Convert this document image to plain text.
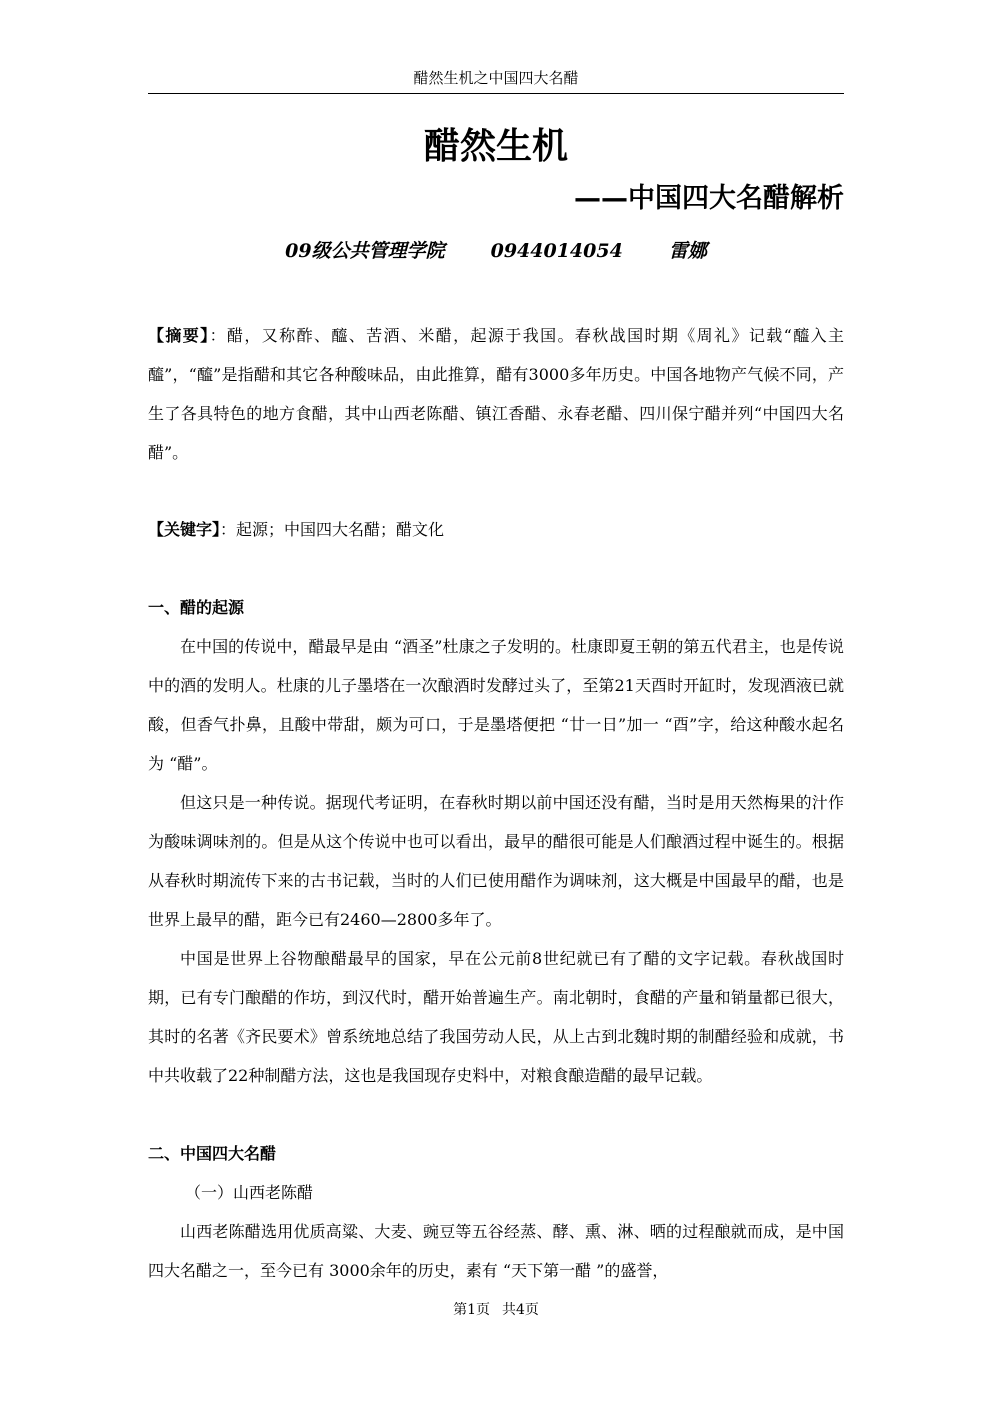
醋然生机之中国四大名醋
醋然生机
——中国四大名醋解析
09级公共管理学院 0944014054 雷娜
【摘要】：醋，又称酢、醯、苦酒、米醋，起源于我国。春秋战国时期《周礼》记载“醯入主醯”，“醯”是指醋和其它各种酸味品，由此推算，醋有3000多年历史。中国各地物产气候不同，产生了各具特色的地方食醋，其中山西老陈醋、镇江香醋、永春老醋、四川保宁醋并列“中国四大名醋”。
【关键字】：起源；中国四大名醋；醋文化
一、醋的起源

在中国的传说中，醋最早是由 “酒圣”杜康之子发明的。杜康即夏王朝的第五代君主，也是传说中的酒的发明人。杜康的儿子墨塔在一次酿酒时发酵过头了，至第21天酉时开缸时，发现酒液已就酸，但香气扑鼻，且酸中带甜，颇为可口，于是墨塔便把 “廿一日”加一 “酉”字，给这种酸水起名为 “醋”。

但这只是一种传说。据现代考证明，在春秋时期以前中国还没有醋，当时是用天然梅果的汁作为酸味调味剂的。但是从这个传说中也可以看出，最早的醋很可能是人们酿酒过程中诞生的。根据从春秋时期流传下来的古书记载，当时的人们已使用醋作为调味剂，这大概是中国最早的醋，也是世界上最早的醋，距今已有2460—2800多年了。

中国是世界上谷物酿醋最早的国家，早在公元前8世纪就已有了醋的文字记载。春秋战国时期，已有专门酿醋的作坊，到汉代时，醋开始普遍生产。南北朝时，食醋的产量和销量都已很大，其时的名著《齐民要术》曾系统地总结了我国劳动人民，从上古到北魏时期的制醋经验和成就，书中共收载了22种制醋方法，这也是我国现存史料中，对粮食酿造醋的最早记载。

二、中国四大名醋
（一）山西老陈醋

山西老陈醋选用优质高粱、大麦、豌豆等五谷经蒸、酵、熏、淋、晒的过程酿就而成，是中国四大名醋之一，至今已有 3000余年的历史，素有 “天下第一醋 ”的盛誉，

第1页 共4页
